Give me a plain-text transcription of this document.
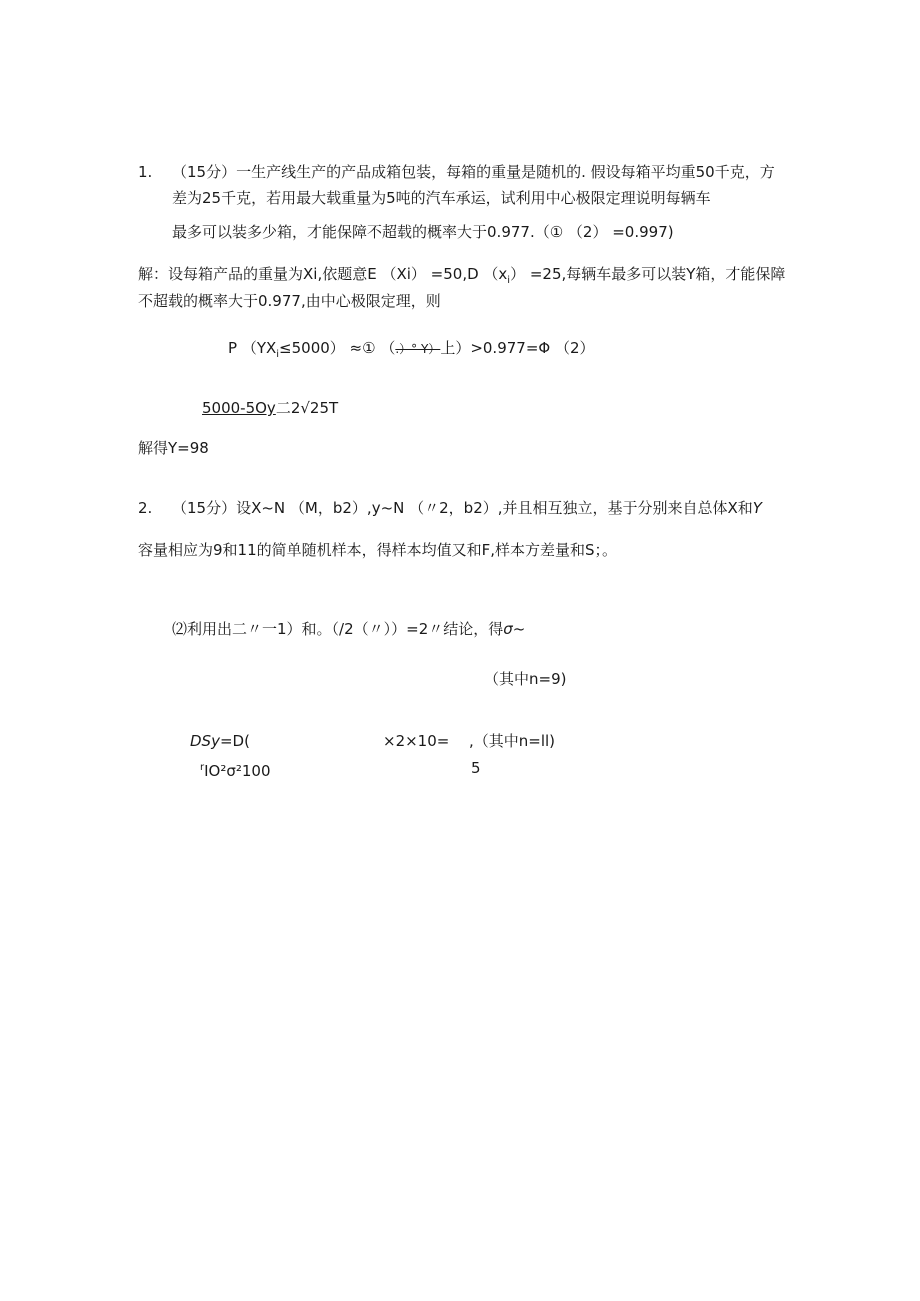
1. （15分）一生产线生产的产品成箱包装，每箱的重量是随机的. 假设每箱平均重50千克，方
差为25千克，若用最大载重量为5吨的汽车承运，试利用中心极限定理说明每辆车
最多可以装多少箱，才能保障不超载的概率大于0.977.（① （2） =0.997)
解：设每箱产品的重量为Xi,依题意E （Xi） =50,D $(x_i) =25$,每辆车最多可以装Y箱，才能保障
不超载的概率大于0.977,由中心极限定理，则
P $(YX_i\le 5000)$ ≈① （.）° Y）上）>0.977=Φ （2）
5000-5Oy二2√25T
解得Y=98
2. （15分）设X~N （M，b2）,y~N （〃2，b2）,并且相互独立，基于分别来自总体X和Y
容量相应为9和11的简单随机样本，得样本均值又和F,样本方差量和S；。
⑵利用出二〃一1）和。（/2（〃））=2〃结论，得σ~
（其中n=9)
DSy=D(	×2×10= ,（其中n=ll)
$^r$IO²σ²100	5
